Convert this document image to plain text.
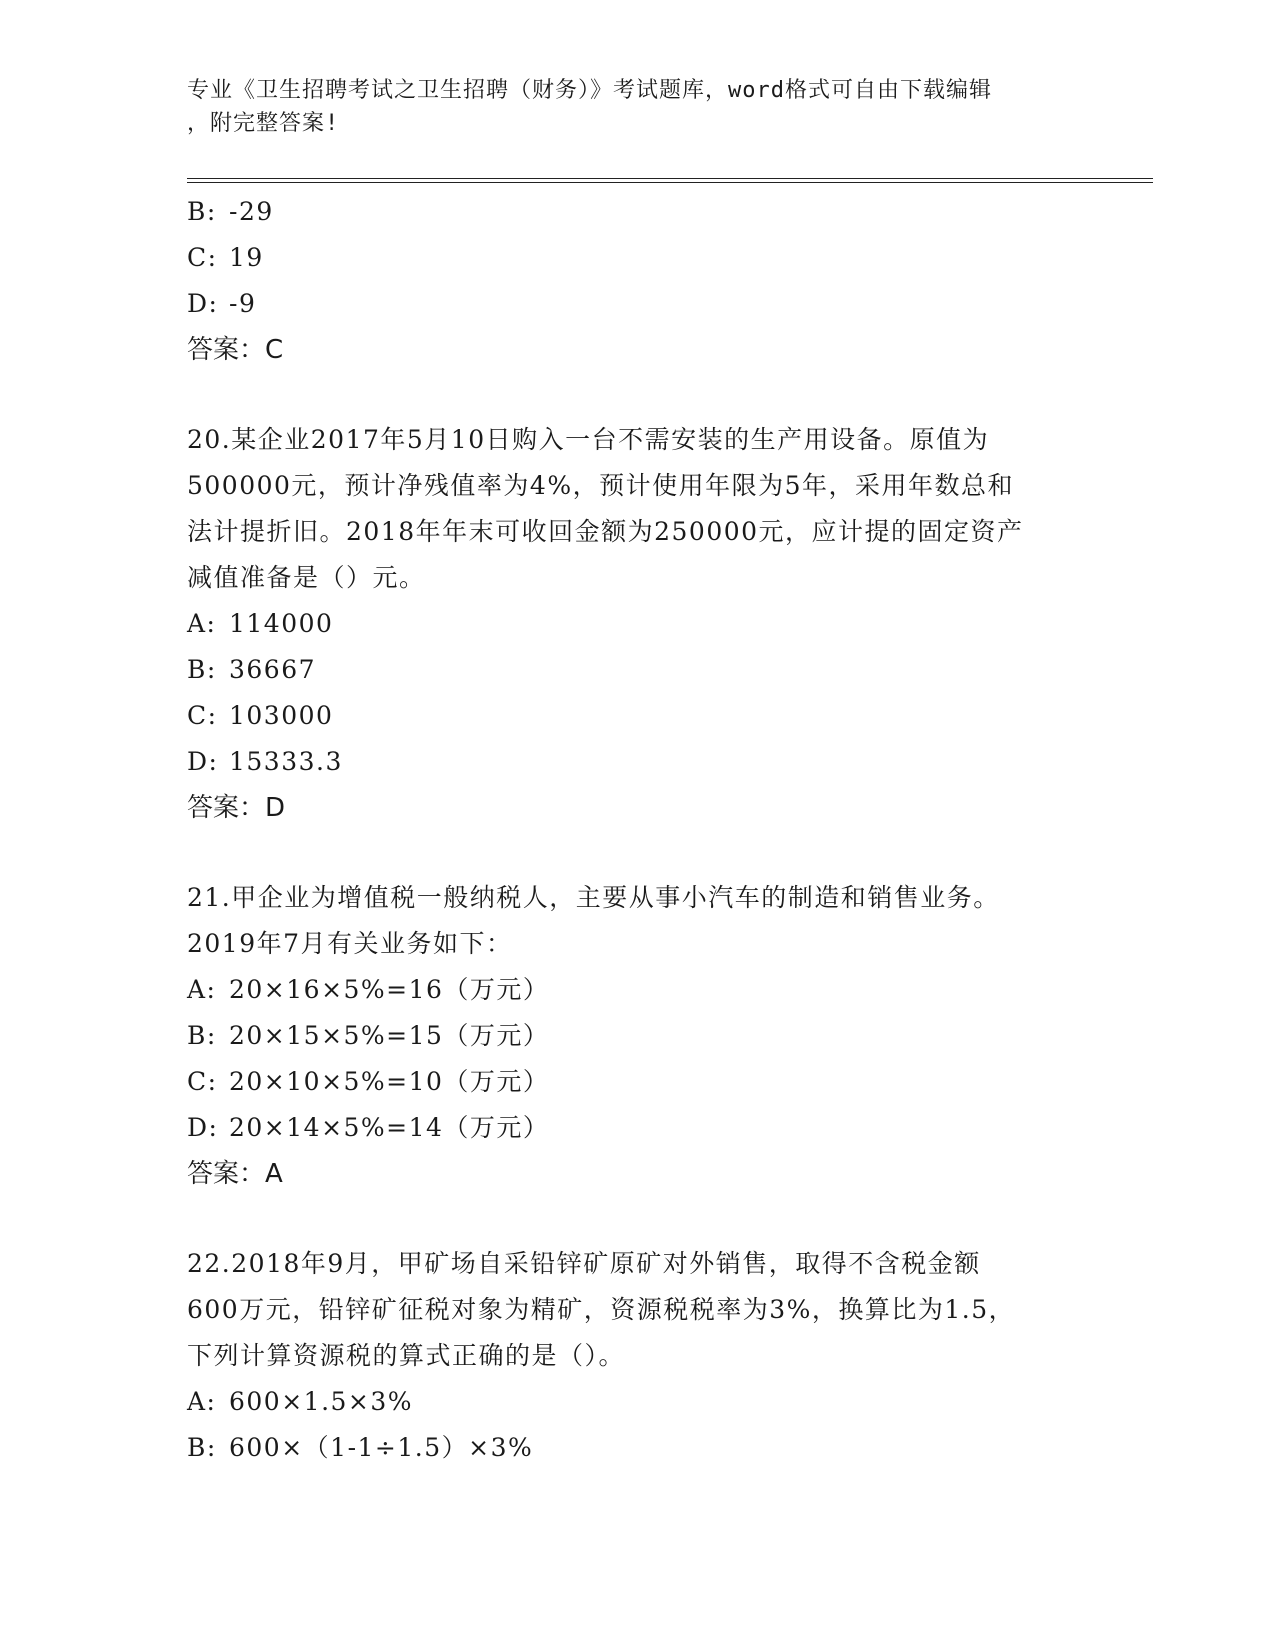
专业《卫生招聘考试之卫生招聘（财务）》考试题库，word格式可自由下载编辑
，附完整答案!
B: -29
C: 19
D: -9
答案：C
20.某企业2017年5月10日购入一台不需安装的生产用设备。原值为
500000元，预计净残值率为4%，预计使用年限为5年，采用年数总和
法计提折旧。2018年年末可收回金额为250000元，应计提的固定资产
减值准备是（）元。
A: 114000
B: 36667
C: 103000
D: 15333.3
答案：D
21.甲企业为增值税一般纳税人，主要从事小汽车的制造和销售业务。
2019年7月有关业务如下：
A: 20×16×5%=16（万元）
B: 20×15×5%=15（万元）
C: 20×10×5%=10（万元）
D: 20×14×5%=14（万元）
答案：A
22.2018年9月，甲矿场自采铅锌矿原矿对外销售，取得不含税金额
600万元，铅锌矿征税对象为精矿，资源税税率为3%，换算比为1.5，
下列计算资源税的算式正确的是（）。
A: 600×1.5×3%
B: 600×（1-1÷1.5）×3%
